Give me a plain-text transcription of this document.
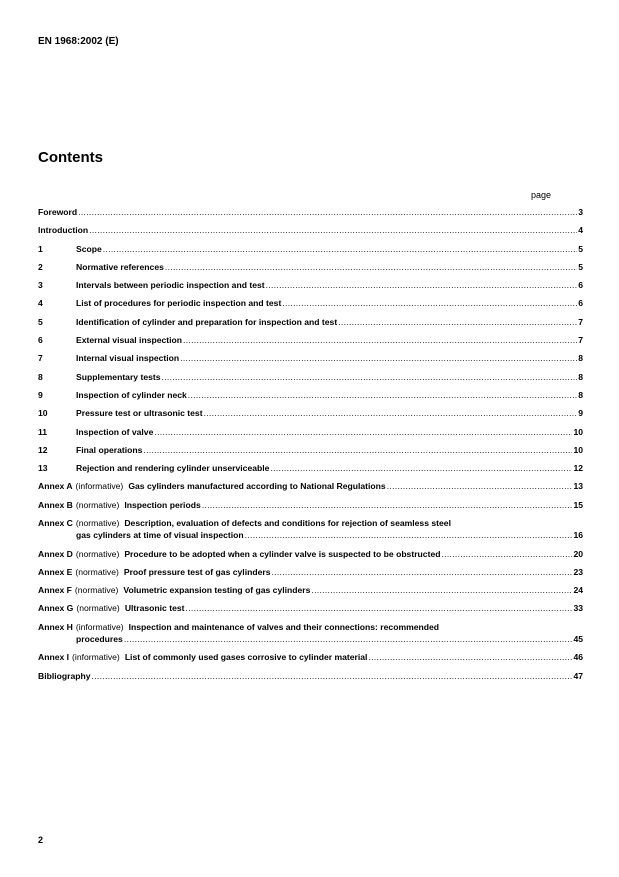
EN 1968:2002 (E)
Contents
page
Foreword .....	3
Introduction .....	4
1	Scope .....	5
2	Normative references .....	5
3	Intervals between periodic inspection and test .....	6
4	List of procedures for periodic inspection and test .....	6
5	Identification of cylinder and preparation for inspection and test .....	7
6	External visual inspection .....	7
7	Internal visual inspection .....	8
8	Supplementary tests .....	8
9	Inspection of cylinder neck .....	8
10	Pressure test or ultrasonic test .....	9
11	Inspection of valve .....	10
12	Final operations .....	10
13	Rejection and rendering cylinder unserviceable .....	12
Annex A (informative) Gas cylinders manufactured according to National Regulations .....	13
Annex B (normative) Inspection periods .....	15
Annex C (normative) Description, evaluation of defects and conditions for rejection of seamless steel
gas cylinders at time of visual inspection .....	16
Annex D (normative) Procedure to be adopted when a cylinder valve is suspected to be obstructed .....	20
Annex E (normative) Proof pressure test of gas cylinders .....	23
Annex F (normative) Volumetric expansion testing of gas cylinders .....	24
Annex G (normative) Ultrasonic test .....	33
Annex H (informative) Inspection and maintenance of valves and their connections: recommended
procedures .....	45
Annex I (informative) List of commonly used gases corrosive to cylinder material .....	46
Bibliography .....	47
2
